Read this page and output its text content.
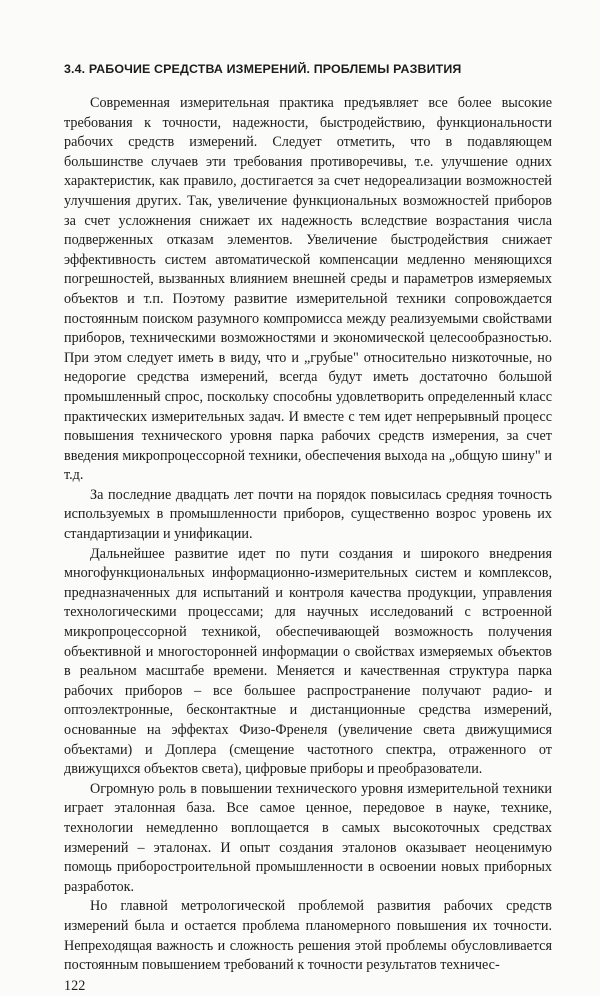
3.4. РАБОЧИЕ СРЕДСТВА ИЗМЕРЕНИЙ. ПРОБЛЕМЫ РАЗВИТИЯ

Современная измерительная практика предъявляет все более высокие требования к точности, надежности, быстродействию, функциональности рабочих средств измерений. Следует отметить, что в подавляющем большинстве случаев эти требования противоречивы, т.е. улучшение одних характеристик, как правило, достигается за счет недореализации возможностей улучшения других. Так, увеличение функциональных возможностей приборов за счет усложнения снижает их надежность вследствие возрастания числа подверженных отказам элементов. Увеличение быстродействия снижает эффективность систем автоматической компенсации медленно меняющихся погрешностей, вызванных влиянием внешней среды и параметров измеряемых объектов и т.п. Поэтому развитие измерительной техники сопровождается постоянным поиском разумного компромисса между реализуемыми свойствами приборов, техническими возможностями и экономической целесообразностью. При этом следует иметь в виду, что и „грубые" относительно низкоточные, но недорогие средства измерений, всегда будут иметь достаточно большой промышленный спрос, поскольку способны удовлетворить определенный класс практических измерительных задач. И вместе с тем идет непрерывный процесс повышения технического уровня парка рабочих средств измерения, за счет введения микропроцессорной техники, обеспечения выхода на „общую шину" и т.д.

За последние двадцать лет почти на порядок повысилась средняя точность используемых в промышленности приборов, существенно возрос уровень их стандартизации и унификации.

Дальнейшее развитие идет по пути создания и широкого внедрения многофункциональных информационно-измерительных систем и комплексов, предназначенных для испытаний и контроля качества продукции, управления технологическими процессами; для научных исследований с встроенной микропроцессорной техникой, обеспечивающей возможность получения объективной и многосторонней информации о свойствах измеряемых объектов в реальном масштабе времени. Меняется и качественная структура парка рабочих приборов – все большее распространение получают радио- и оптоэлектронные, бесконтактные и дистанционные средства измерений, основанные на эффектах Физо-Френеля (увеличение света движущимися объектами) и Доплера (смещение частотного спектра, отраженного от движущихся объектов света), цифровые приборы и преобразователи.

Огромную роль в повышении технического уровня измерительной техники играет эталонная база. Все самое ценное, передовое в науке, технике, технологии немедленно воплощается в самых высокоточных средствах измерений – эталонах. И опыт создания эталонов оказывает неоценимую помощь приборостроительной промышленности в освоении новых приборных разработок.

Но главной метрологической проблемой развития рабочих средств измерений была и остается проблема планомерного повышения их точности. Непреходящая важность и сложность решения этой проблемы обусловливается постоянным повышением требований к точности результатов техничес-

122
